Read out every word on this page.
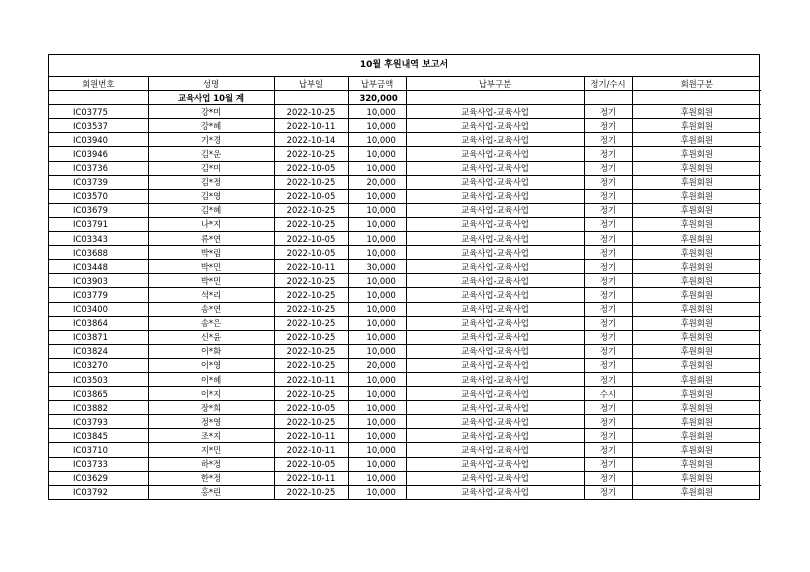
10월 후원내역 보고서
회원번호	성명	납부일	납부금액	납부구분	정기/수시	회원구분
	교육사업 10월 계		320,000			
IC03775	강*미	2022-10-25	10,000	교육사업-교육사업	정기	후원회원
IC03537	강*혜	2022-10-11	10,000	교육사업-교육사업	정기	후원회원
IC03940	기*경	2022-10-14	10,000	교육사업-교육사업	정기	후원회원
IC03946	김*운	2022-10-25	10,000	교육사업-교육사업	정기	후원회원
IC03736	김*미	2022-10-05	10,000	교육사업-교육사업	정기	후원회원
IC03739	김*정	2022-10-25	20,000	교육사업-교육사업	정기	후원회원
IC03570	김*영	2022-10-05	10,000	교육사업-교육사업	정기	후원회원
IC03679	김*혜	2022-10-25	10,000	교육사업-교육사업	정기	후원회원
IC03791	나*지	2022-10-25	10,000	교육사업-교육사업	정기	후원회원
IC03343	류*연	2022-10-05	10,000	교육사업-교육사업	정기	후원회원
IC03688	박*림	2022-10-05	10,000	교육사업-교육사업	정기	후원회원
IC03448	박*민	2022-10-11	30,000	교육사업-교육사업	정기	후원회원
IC03903	박*민	2022-10-25	10,000	교육사업-교육사업	정기	후원회원
IC03779	석*리	2022-10-25	10,000	교육사업-교육사업	정기	후원회원
IC03400	송*연	2022-10-25	10,000	교육사업-교육사업	정기	후원회원
IC03864	송*은	2022-10-25	10,000	교육사업-교육사업	정기	후원회원
IC03871	신*윤	2022-10-25	10,000	교육사업-교육사업	정기	후원회원
IC03824	이*화	2022-10-25	10,000	교육사업-교육사업	정기	후원회원
IC03270	이*영	2022-10-25	20,000	교육사업-교육사업	정기	후원회원
IC03503	이*혜	2022-10-11	10,000	교육사업-교육사업	정기	후원회원
IC03865	이*지	2022-10-25	10,000	교육사업-교육사업	수시	후원회원
IC03882	장*희	2022-10-05	10,000	교육사업-교육사업	정기	후원회원
IC03793	정*영	2022-10-25	10,000	교육사업-교육사업	정기	후원회원
IC03845	조*지	2022-10-11	10,000	교육사업-교육사업	정기	후원회원
IC03710	지*민	2022-10-11	10,000	교육사업-교육사업	정기	후원회원
IC03733	하*정	2022-10-05	10,000	교육사업-교육사업	정기	후원회원
IC03629	한*정	2022-10-11	10,000	교육사업-교육사업	정기	후원회원
IC03792	홍*린	2022-10-25	10,000	교육사업-교육사업	정기	후원회원
